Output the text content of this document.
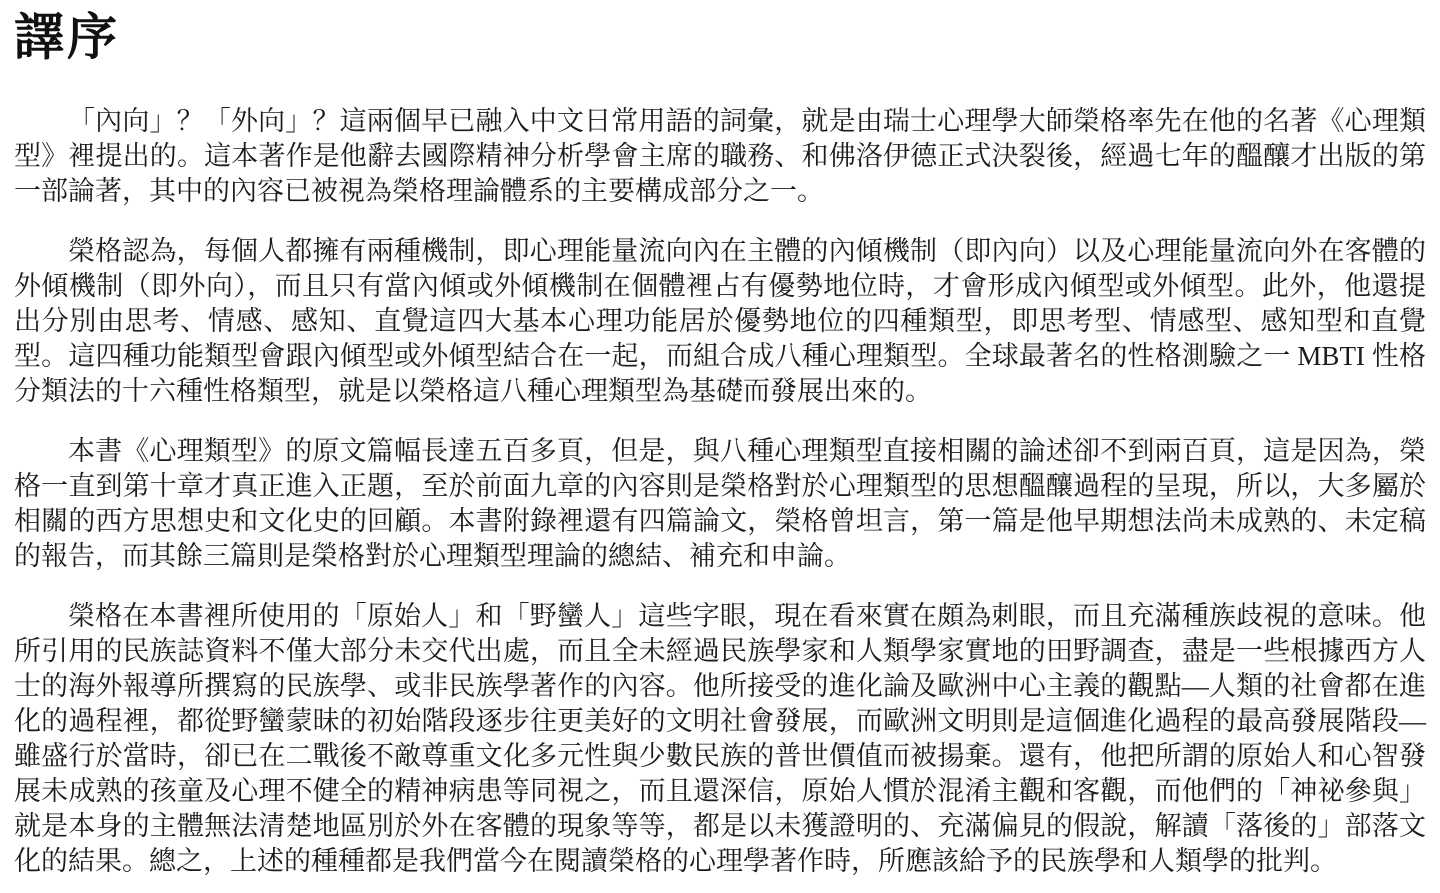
譯序

「內向」？「外向」？這兩個早已融入中文日常用語的詞彙，就是由瑞士心理學大師榮格率先在他的名著《心理類型》裡提出的。這本著作是他辭去國際精神分析學會主席的職務、和佛洛伊德正式決裂後，經過七年的醞釀才出版的第一部論著，其中的內容已被視為榮格理論體系的主要構成部分之一。

榮格認為，每個人都擁有兩種機制，即心理能量流向內在主體的內傾機制（即內向）以及心理能量流向外在客體的外傾機制（即外向），而且只有當內傾或外傾機制在個體裡占有優勢地位時，才會形成內傾型或外傾型。此外，他還提出分別由思考、情感、感知、直覺這四大基本心理功能居於優勢地位的四種類型，即思考型、情感型、感知型和直覺型。這四種功能類型會跟內傾型或外傾型結合在一起，而組合成八種心理類型。全球最著名的性格測驗之一 MBTI 性格分類法的十六種性格類型，就是以榮格這八種心理類型為基礎而發展出來的。

本書《心理類型》的原文篇幅長達五百多頁，但是，與八種心理類型直接相關的論述卻不到兩百頁，這是因為，榮格一直到第十章才真正進入正題，至於前面九章的內容則是榮格對於心理類型的思想醞釀過程的呈現，所以，大多屬於相關的西方思想史和文化史的回顧。本書附錄裡還有四篇論文，榮格曾坦言，第一篇是他早期想法尚未成熟的、未定稿的報告，而其餘三篇則是榮格對於心理類型理論的總結、補充和申論。

榮格在本書裡所使用的「原始人」和「野蠻人」這些字眼，現在看來實在頗為刺眼，而且充滿種族歧視的意味。他所引用的民族誌資料不僅大部分未交代出處，而且全未經過民族學家和人類學家實地的田野調查，盡是一些根據西方人士的海外報導所撰寫的民族學、或非民族學著作的內容。他所接受的進化論及歐洲中心主義的觀點—人類的社會都在進化的過程裡，都從野蠻蒙昧的初始階段逐步往更美好的文明社會發展，而歐洲文明則是這個進化過程的最高發展階段—雖盛行於當時，卻已在二戰後不敵尊重文化多元性與少數民族的普世價值而被揚棄。還有，他把所謂的原始人和心智發展未成熟的孩童及心理不健全的精神病患等同視之，而且還深信，原始人慣於混淆主觀和客觀，而他們的「神祕參與」就是本身的主體無法清楚地區別於外在客體的現象等等，都是以未獲證明的、充滿偏見的假說，解讀「落後的」部落文化的結果。總之，上述的種種都是我們當今在閱讀榮格的心理學著作時，所應該給予的民族學和人類學的批判。
